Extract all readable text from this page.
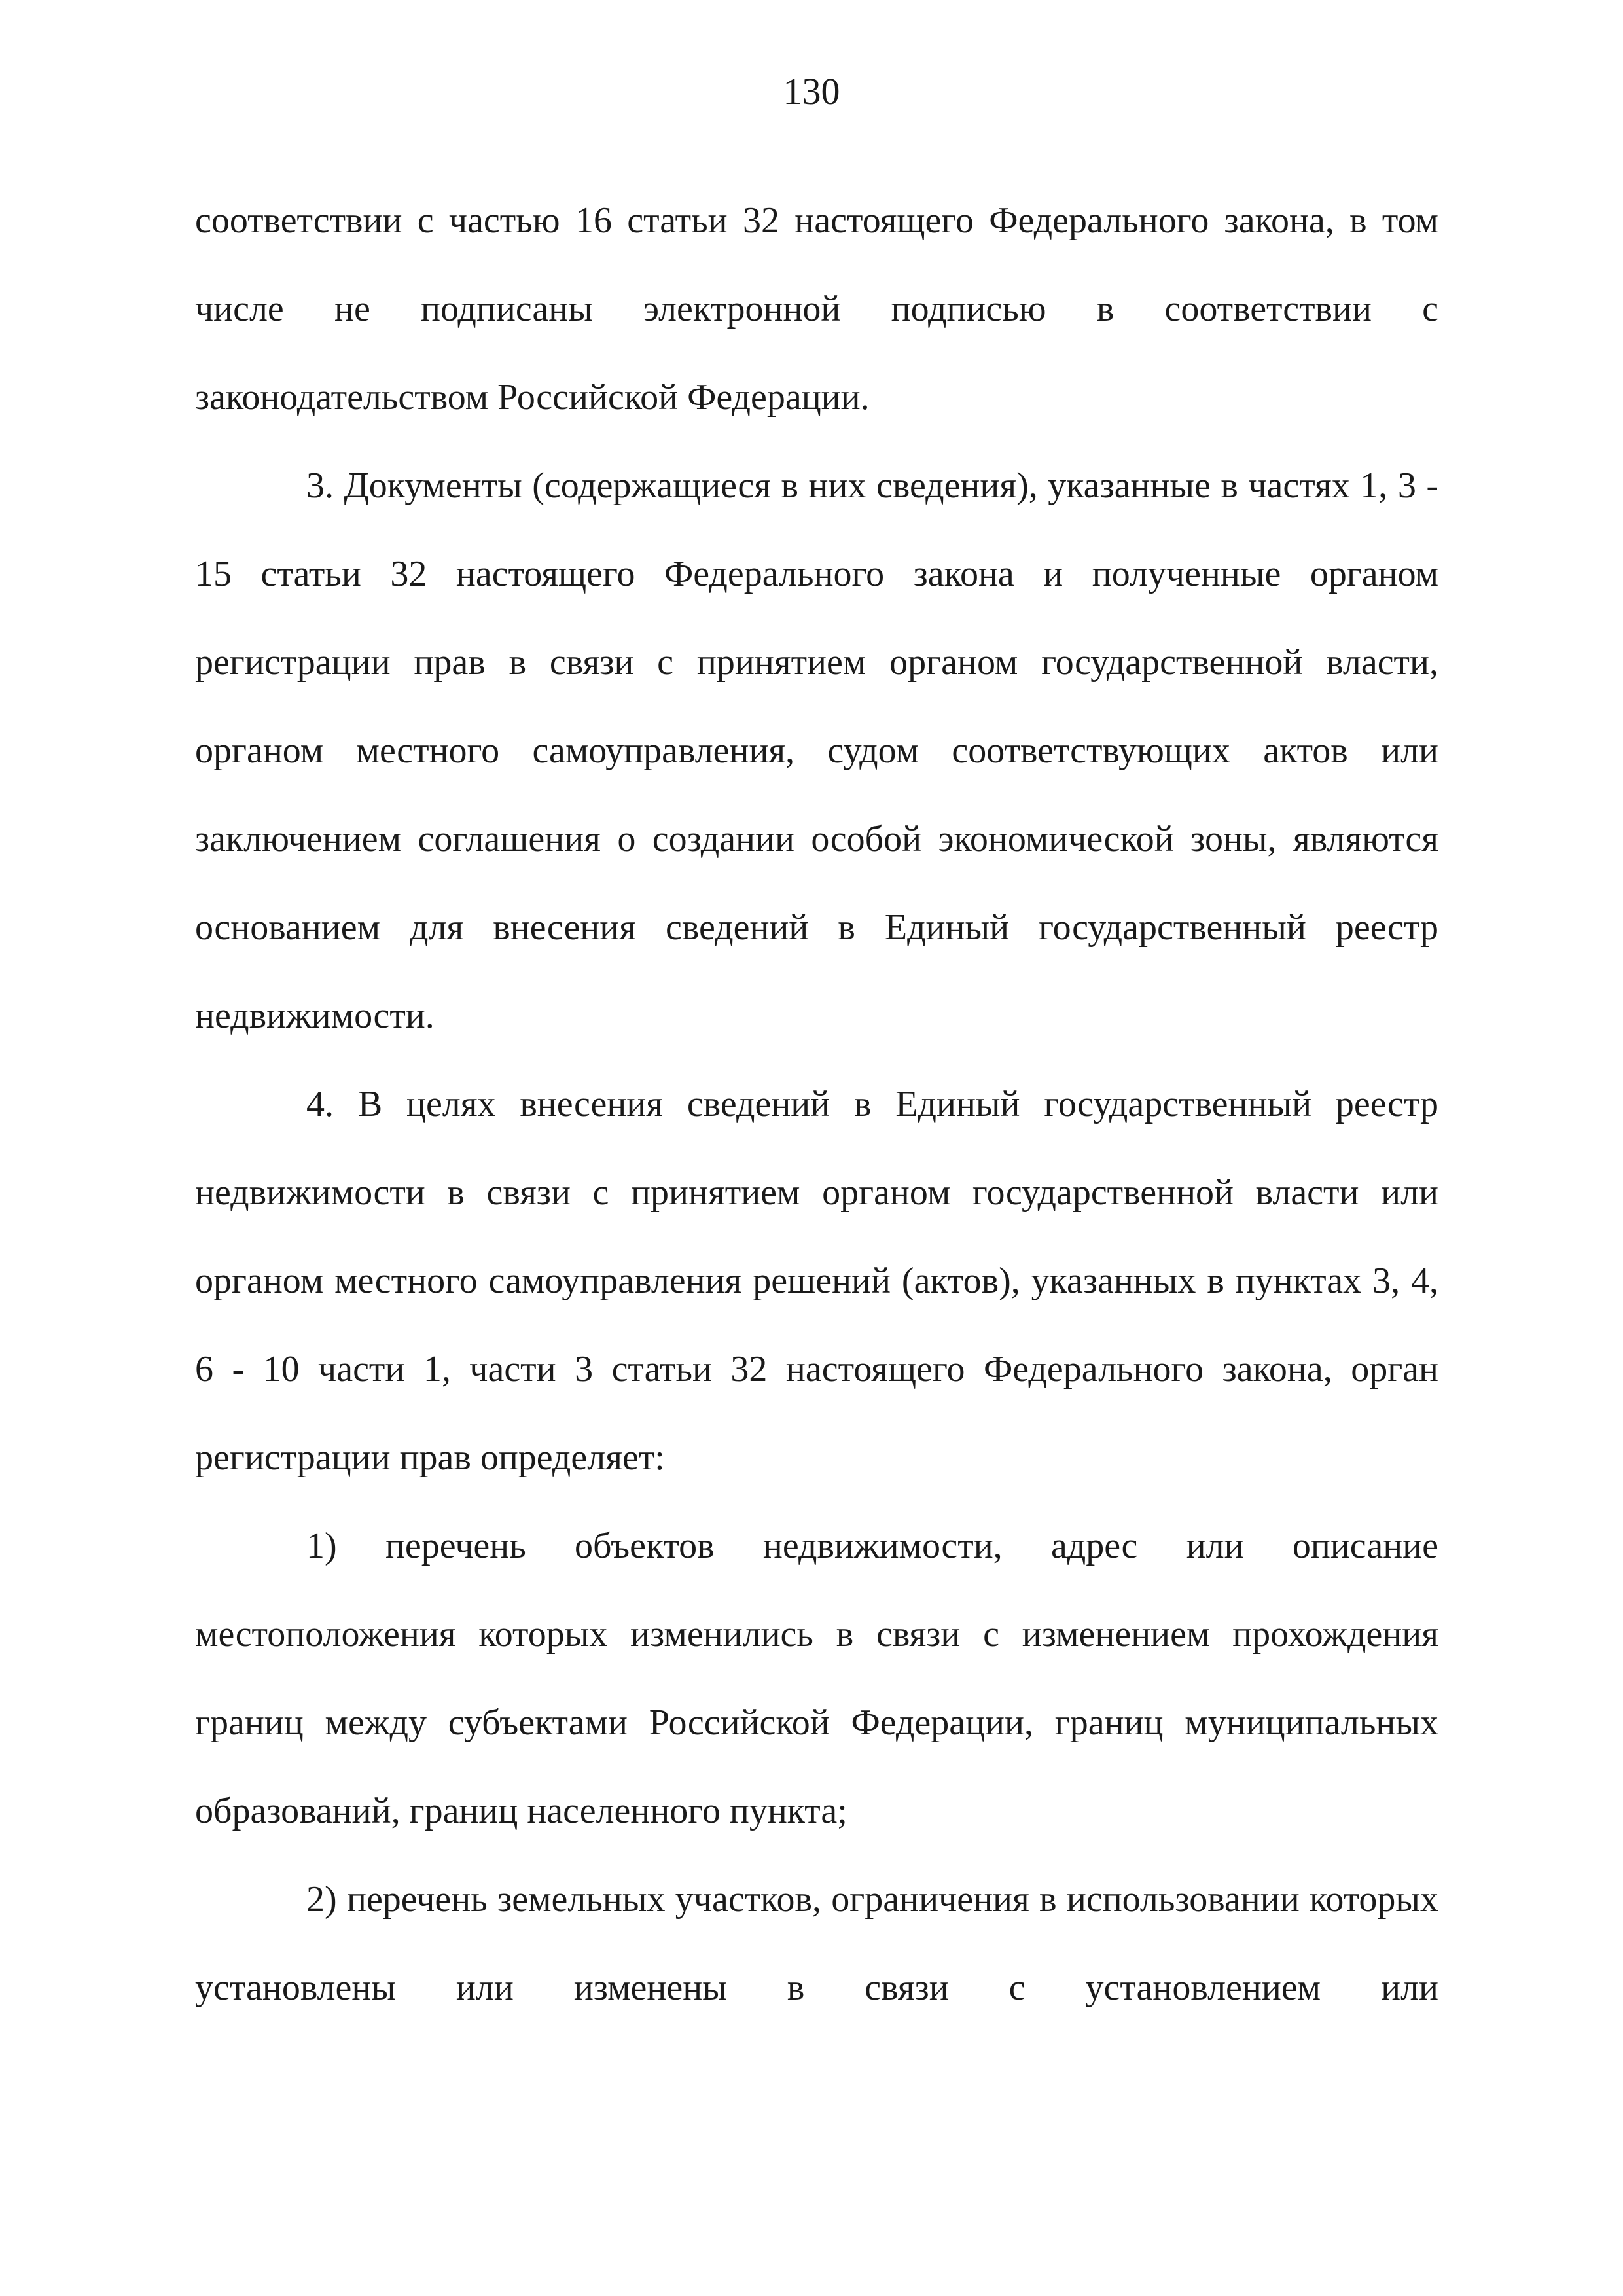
130

соответствии с частью 16 статьи 32 настоящего Федерального закона, в том числе не подписаны электронной подписью в соответствии с законодательством Российской Федерации.

3. Документы (содержащиеся в них сведения), указанные в частях 1, 3 - 15 статьи 32 настоящего Федерального закона и полученные органом регистрации прав в связи с принятием органом государственной власти, органом местного самоуправления, судом соответствующих актов или заключением соглашения о создании особой экономической зоны, являются основанием для внесения сведений в Единый государственный реестр недвижимости.

4. В целях внесения сведений в Единый государственный реестр недвижимости в связи с принятием органом государственной власти или органом местного самоуправления решений (актов), указанных в пунктах 3, 4, 6 - 10 части 1, части 3 статьи 32 настоящего Федерального закона, орган регистрации прав определяет:

1) перечень объектов недвижимости, адрес или описание местоположения которых изменились в связи с изменением прохождения границ между субъектами Российской Федерации, границ муниципальных образований, границ населенного пункта;

2) перечень земельных участков, ограничения в использовании которых установлены или изменены в связи с установлением или
